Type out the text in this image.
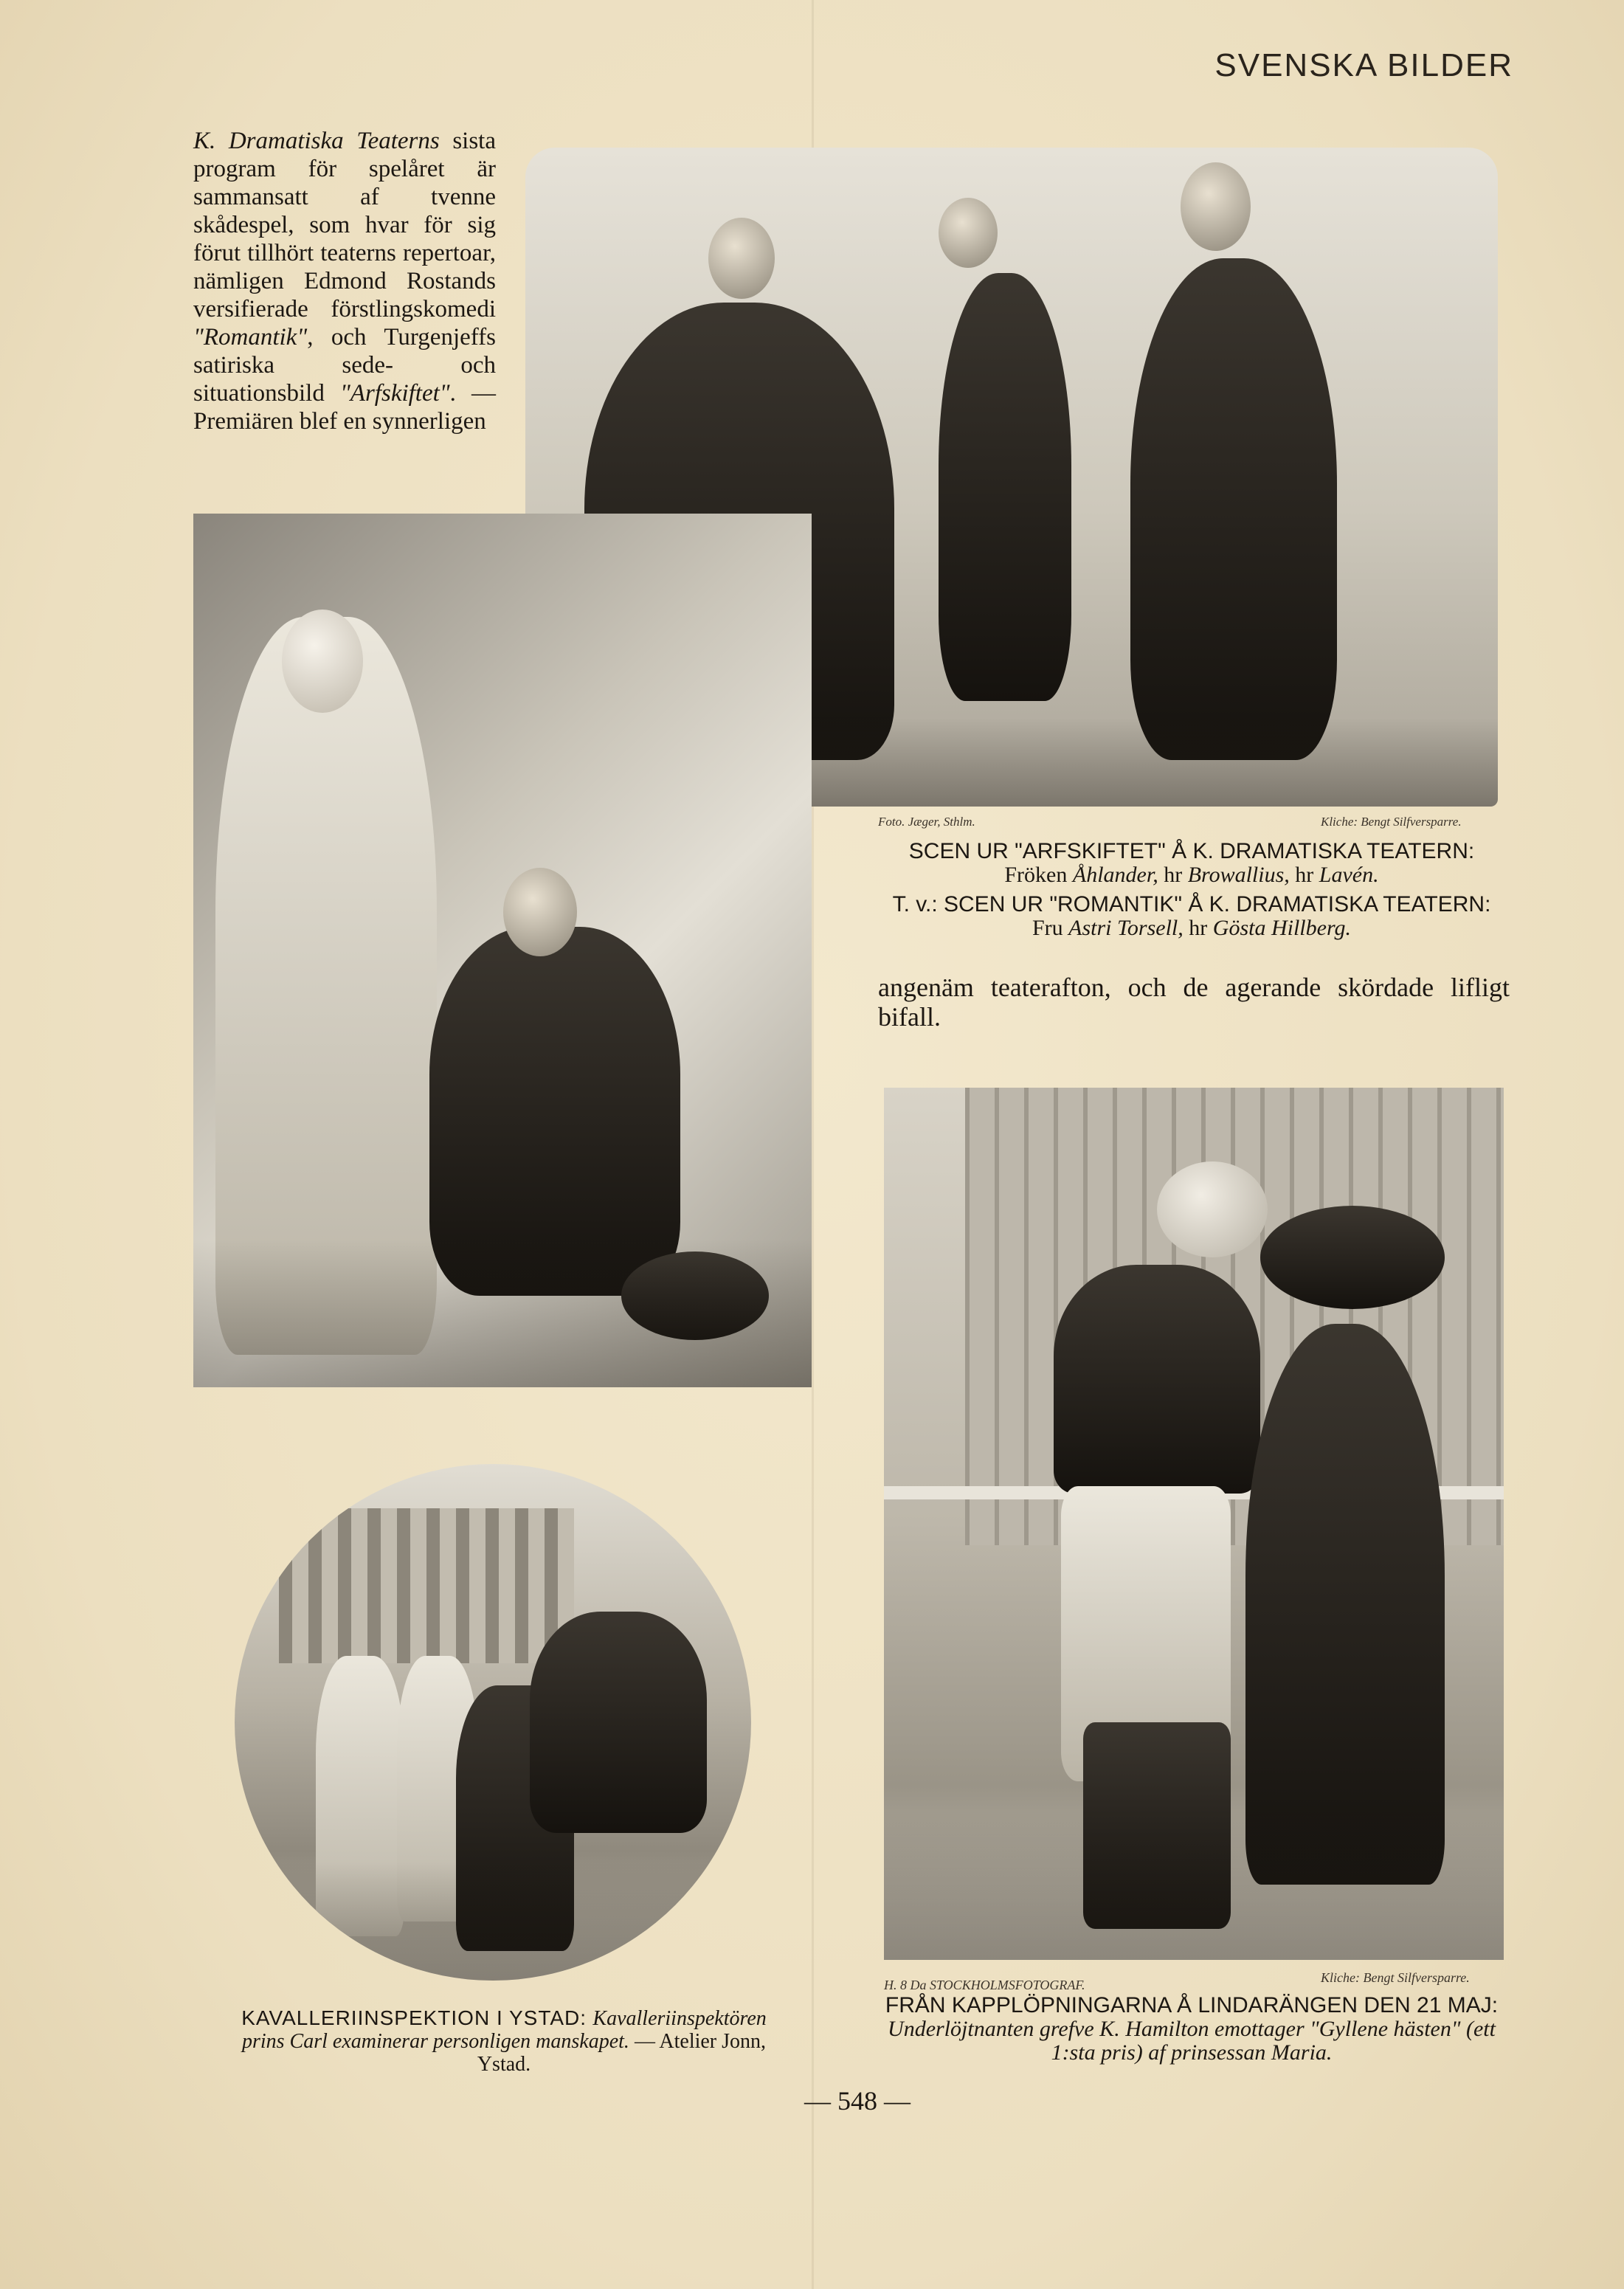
SVENSKA BILDER
K. Dramatiska Teaterns sista program för spelåret är sammansatt af tvenne skådespel, som hvar för sig förut tillhört teaterns repertoar, nämligen Edmond Rostands versifierade förstlingskomedi "Romantik", och Turgenjeffs satiriska sede- och situationsbild "Arfskiftet". — Premiären blef en synnerligen
Foto. Jæger, Sthlm.	Kliche: Bengt Silfversparre.
SCEN UR "ARFSKIFTET" Å K. DRAMATISKA TEATERN:
Fröken Åhlander, hr Browallius, hr Lavén.
T. v.: SCEN UR "ROMANTIK" Å K. DRAMATISKA TEATERN:
Fru Astri Torsell, hr Gösta Hillberg.
angenäm teaterafton, och de agerande skördade lifligt bifall.
H. 8 Da STOCKHOLMSFOTOGRAF.	Kliche: Bengt Silfversparre.
FRÅN KAPPLÖPNINGARNA Å LINDARÄNGEN DEN 21 MAJ:
Underlöjtnanten grefve K. Hamilton emottager "Gyllene hästen" (ett 1:sta pris) af prinsessan Maria.
KAVALLERIINSPEKTION I YSTAD: Kavalleriinspektören prins Carl examinerar personligen manskapet. — Atelier Jonn, Ystad.
— 548 —
